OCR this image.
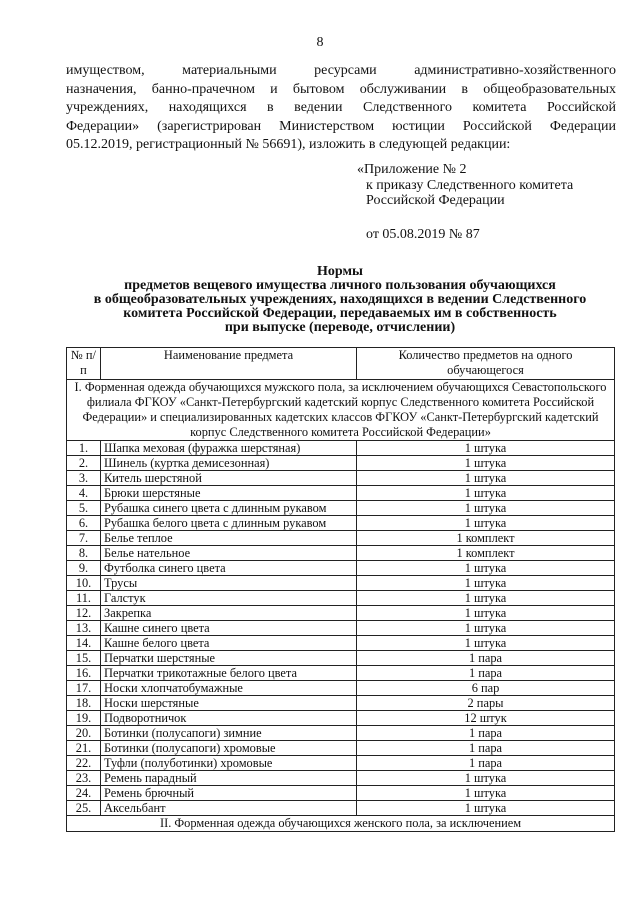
8
имуществом, материальными ресурсами административно-хозяйственного
назначения, банно-прачечном и бытовом обслуживании в общеобразовательных
учреждениях, находящихся в ведении Следственного комитета Российской
Федерации» (зарегистрирован Министерством юстиции Российской Федерации
05.12.2019, регистрационный № 56691), изложить в следующей редакции:
«Приложение № 2
к приказу Следственного комитета
Российской Федерации
от 05.08.2019 № 87
Нормы
предметов вещевого имущества личного пользования обучающихся
в общеобразовательных учреждениях, находящихся в ведении Следственного
комитета Российской Федерации, передаваемых им в собственность
при выпуске (переводе, отчислении)
№ п/п	Наименование предмета	Количество предметов на одного обучающегося
I. Форменная одежда обучающихся мужского пола, за исключением обучающихся Севастопольского филиала ФГКОУ «Санкт-Петербургский кадетский корпус Следственного комитета Российской Федерации» и специализированных кадетских классов ФГКОУ «Санкт-Петербургский кадетский корпус Следственного комитета Российской Федерации»		
1.	Шапка меховая (фуражка шерстяная)	1 штука
2.	Шинель (куртка демисезонная)	1 штука
3.	Китель шерстяной	1 штука
4.	Брюки шерстяные	1 штука
5.	Рубашка синего цвета с длинным рукавом	1 штука
6.	Рубашка белого цвета с длинным рукавом	1 штука
7.	Белье теплое	1 комплект
8.	Белье нательное	1 комплект
9.	Футболка синего цвета	1 штука
10.	Трусы	1 штука
11.	Галстук	1 штука
12.	Закрепка	1 штука
13.	Кашне синего цвета	1 штука
14.	Кашне белого цвета	1 штука
15.	Перчатки шерстяные	1 пара
16.	Перчатки трикотажные белого цвета	1 пара
17.	Носки хлопчатобумажные	6 пар
18.	Носки шерстяные	2 пары
19.	Подворотничок	12 штук
20.	Ботинки (полусапоги) зимние	1 пара
21.	Ботинки (полусапоги) хромовые	1 пара
22.	Туфли (полуботинки) хромовые	1 пара
23.	Ремень парадный	1 штука
24.	Ремень брючный	1 штука
25.	Аксельбант	1 штука
II. Форменная одежда обучающихся женского пола, за исключением		
